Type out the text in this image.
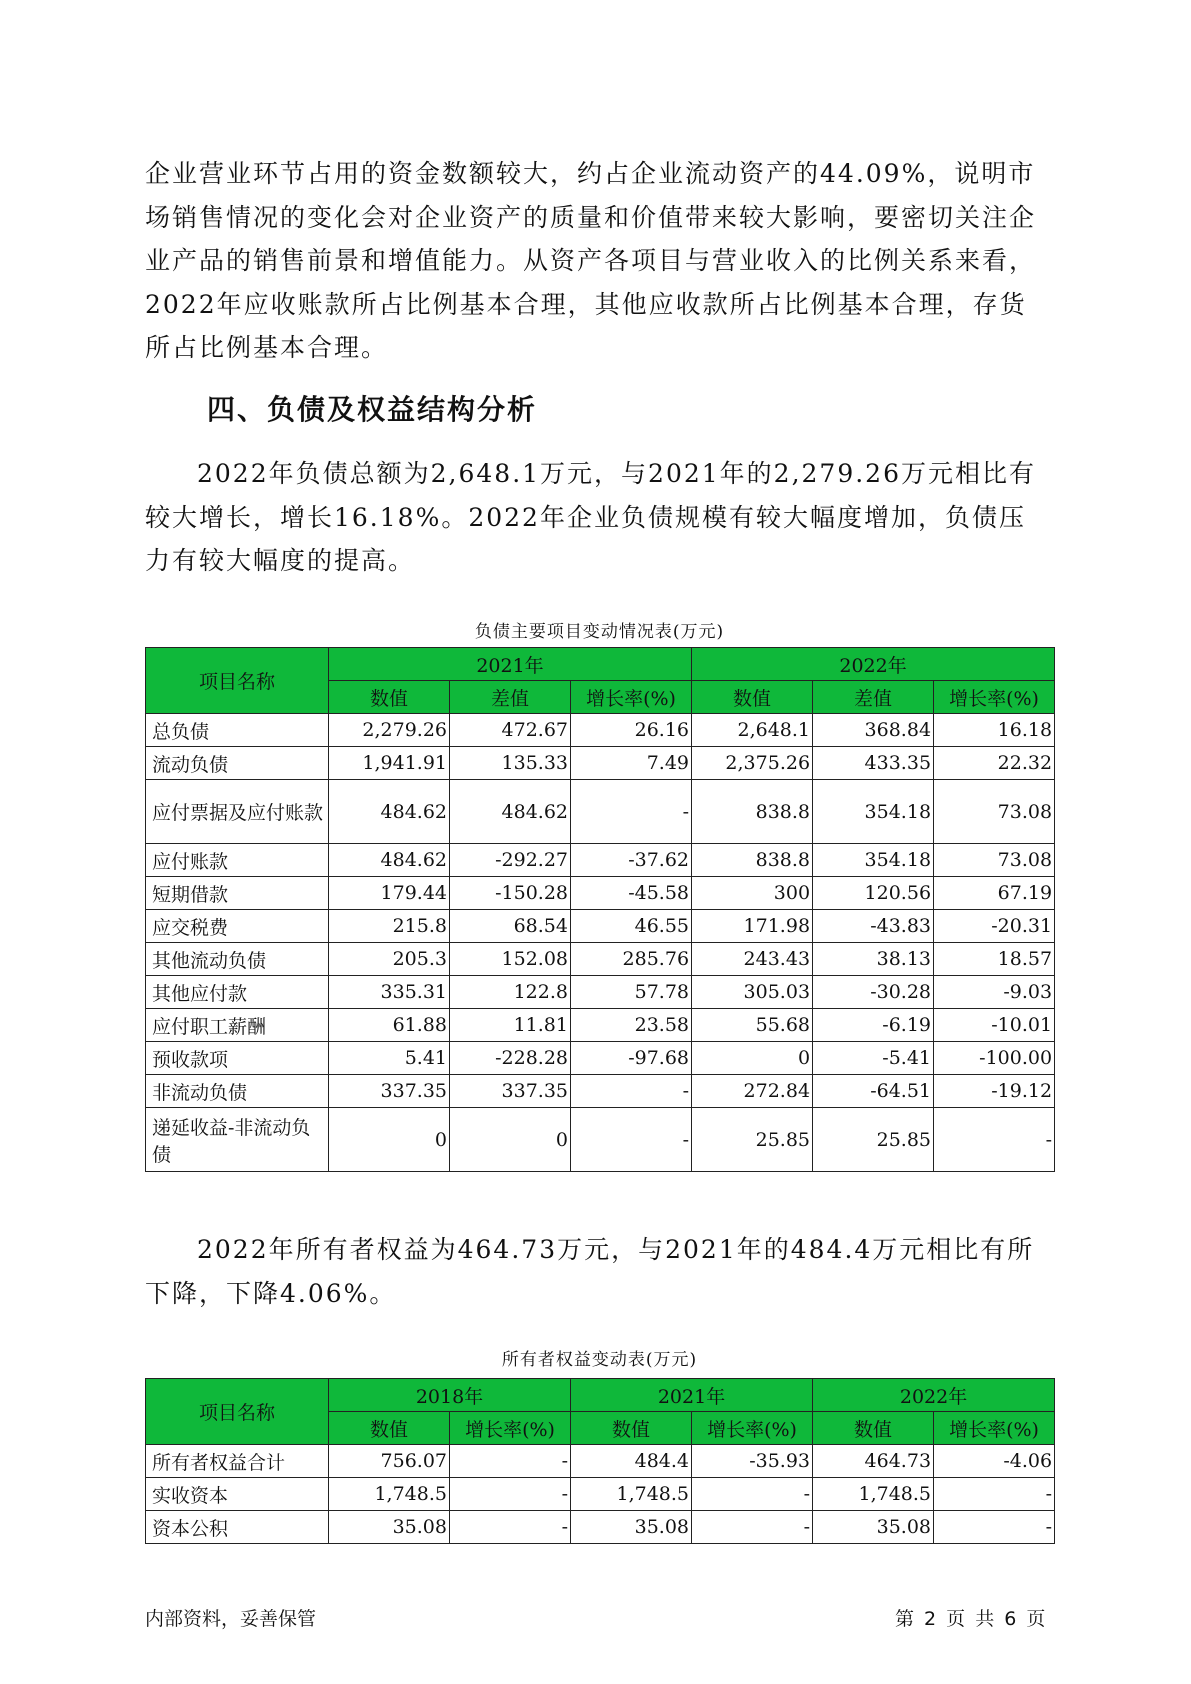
企业营业环节占用的资金数额较大，约占企业流动资产的44.09%，说明市场销售情况的变化会对企业资产的质量和价值带来较大影响，要密切关注企业产品的销售前景和增值能力。从资产各项目与营业收入的比例关系来看，2022年应收账款所占比例基本合理，其他应收款所占比例基本合理，存货所占比例基本合理。
四、负债及权益结构分析
2022年负债总额为2,648.1万元，与2021年的2,279.26万元相比有较大增长，增长16.18%。2022年企业负债规模有较大幅度增加，负债压力有较大幅度的提高。
负债主要项目变动情况表(万元)
项目名称	2021年			2022年		
	数值	差值	增长率(%)	数值	差值	增长率(%)
总负债	2,279.26	472.67	26.16	2,648.1	368.84	16.18
流动负债	1,941.91	135.33	7.49	2,375.26	433.35	22.32
应付票据及应付账款	484.62	484.62	-	838.8	354.18	73.08
应付账款	484.62	-292.27	-37.62	838.8	354.18	73.08
短期借款	179.44	-150.28	-45.58	300	120.56	67.19
应交税费	215.8	68.54	46.55	171.98	-43.83	-20.31
其他流动负债	205.3	152.08	285.76	243.43	38.13	18.57
其他应付款	335.31	122.8	57.78	305.03	-30.28	-9.03
应付职工薪酬	61.88	11.81	23.58	55.68	-6.19	-10.01
预收款项	5.41	-228.28	-97.68	0	-5.41	-100.00
非流动负债	337.35	337.35	-	272.84	-64.51	-19.12
递延收益-非流动负债	0	0	-	25.85	25.85	-
2022年所有者权益为464.73万元，与2021年的484.4万元相比有所下降，下降4.06%。
所有者权益变动表(万元)
项目名称	2018年		2021年		2022年	
	数值	增长率(%)	数值	增长率(%)	数值	增长率(%)
所有者权益合计	756.07	-	484.4	-35.93	464.73	-4.06
实收资本	1,748.5	-	1,748.5	-	1,748.5	-
资本公积	35.08	-	35.08	-	35.08	-
内部资料，妥善保管	第 2 页 共 6 页
